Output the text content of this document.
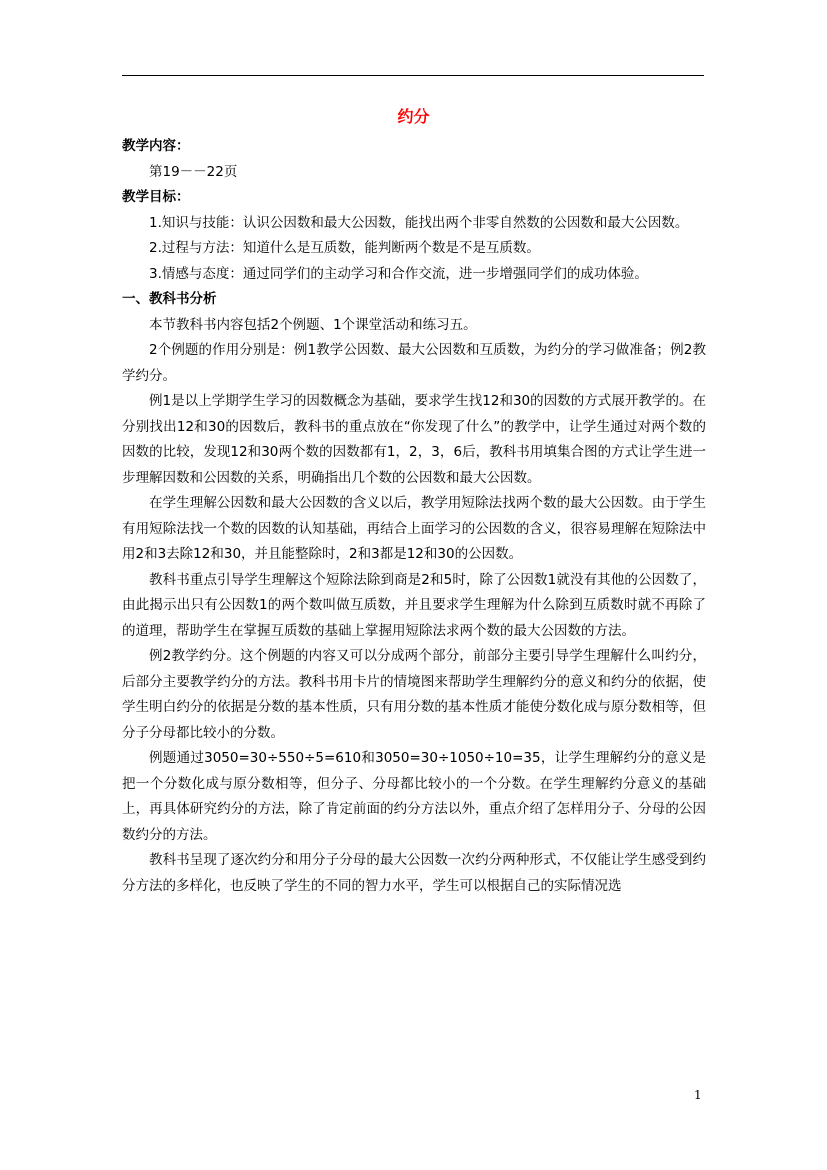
约分

教学内容：

第19－－22页

教学目标：

1.知识与技能：认识公因数和最大公因数，能找出两个非零自然数的公因数和最大公因数。

2.过程与方法：知道什么是互质数，能判断两个数是不是互质数。

3.情感与态度：通过同学们的主动学习和合作交流，进一步增强同学们的成功体验。

一、教科书分析

本节教科书内容包括2个例题、1个课堂活动和练习五。

2个例题的作用分别是：例1教学公因数、最大公因数和互质数，为约分的学习做准备；例2教学约分。

例1是以上学期学生学习的因数概念为基础，要求学生找12和30的因数的方式展开教学的。在分别找出12和30的因数后，教科书的重点放在“你发现了什么”的教学中，让学生通过对两个数的因数的比较，发现12和30两个数的因数都有1，2，3，6后，教科书用填集合图的方式让学生进一步理解因数和公因数的关系，明确指出几个数的公因数和最大公因数。

在学生理解公因数和最大公因数的含义以后，教学用短除法找两个数的最大公因数。由于学生有用短除法找一个数的因数的认知基础，再结合上面学习的公因数的含义，很容易理解在短除法中用2和3去除12和30，并且能整除时，2和3都是12和30的公因数。

教科书重点引导学生理解这个短除法除到商是2和5时，除了公因数1就没有其他的公因数了，由此揭示出只有公因数1的两个数叫做互质数，并且要求学生理解为什么除到互质数时就不再除了的道理，帮助学生在掌握互质数的基础上掌握用短除法求两个数的最大公因数的方法。

例2教学约分。这个例题的内容又可以分成两个部分，前部分主要引导学生理解什么叫约分，后部分主要教学约分的方法。教科书用卡片的情境图来帮助学生理解约分的意义和约分的依据，使学生明白约分的依据是分数的基本性质，只有用分数的基本性质才能使分数化成与原分数相等，但分子分母都比较小的分数。

例题通过3050=30÷550÷5=610和3050=30÷1050÷10=35，让学生理解约分的意义是把一个分数化成与原分数相等，但分子、分母都比较小的一个分数。在学生理解约分意义的基础上，再具体研究约分的方法，除了肯定前面的约分方法以外，重点介绍了怎样用分子、分母的公因数约分的方法。

教科书呈现了逐次约分和用分子分母的最大公因数一次约分两种形式，不仅能让学生感受到约分方法的多样化，也反映了学生的不同的智力水平，学生可以根据自己的实际情况选

1
